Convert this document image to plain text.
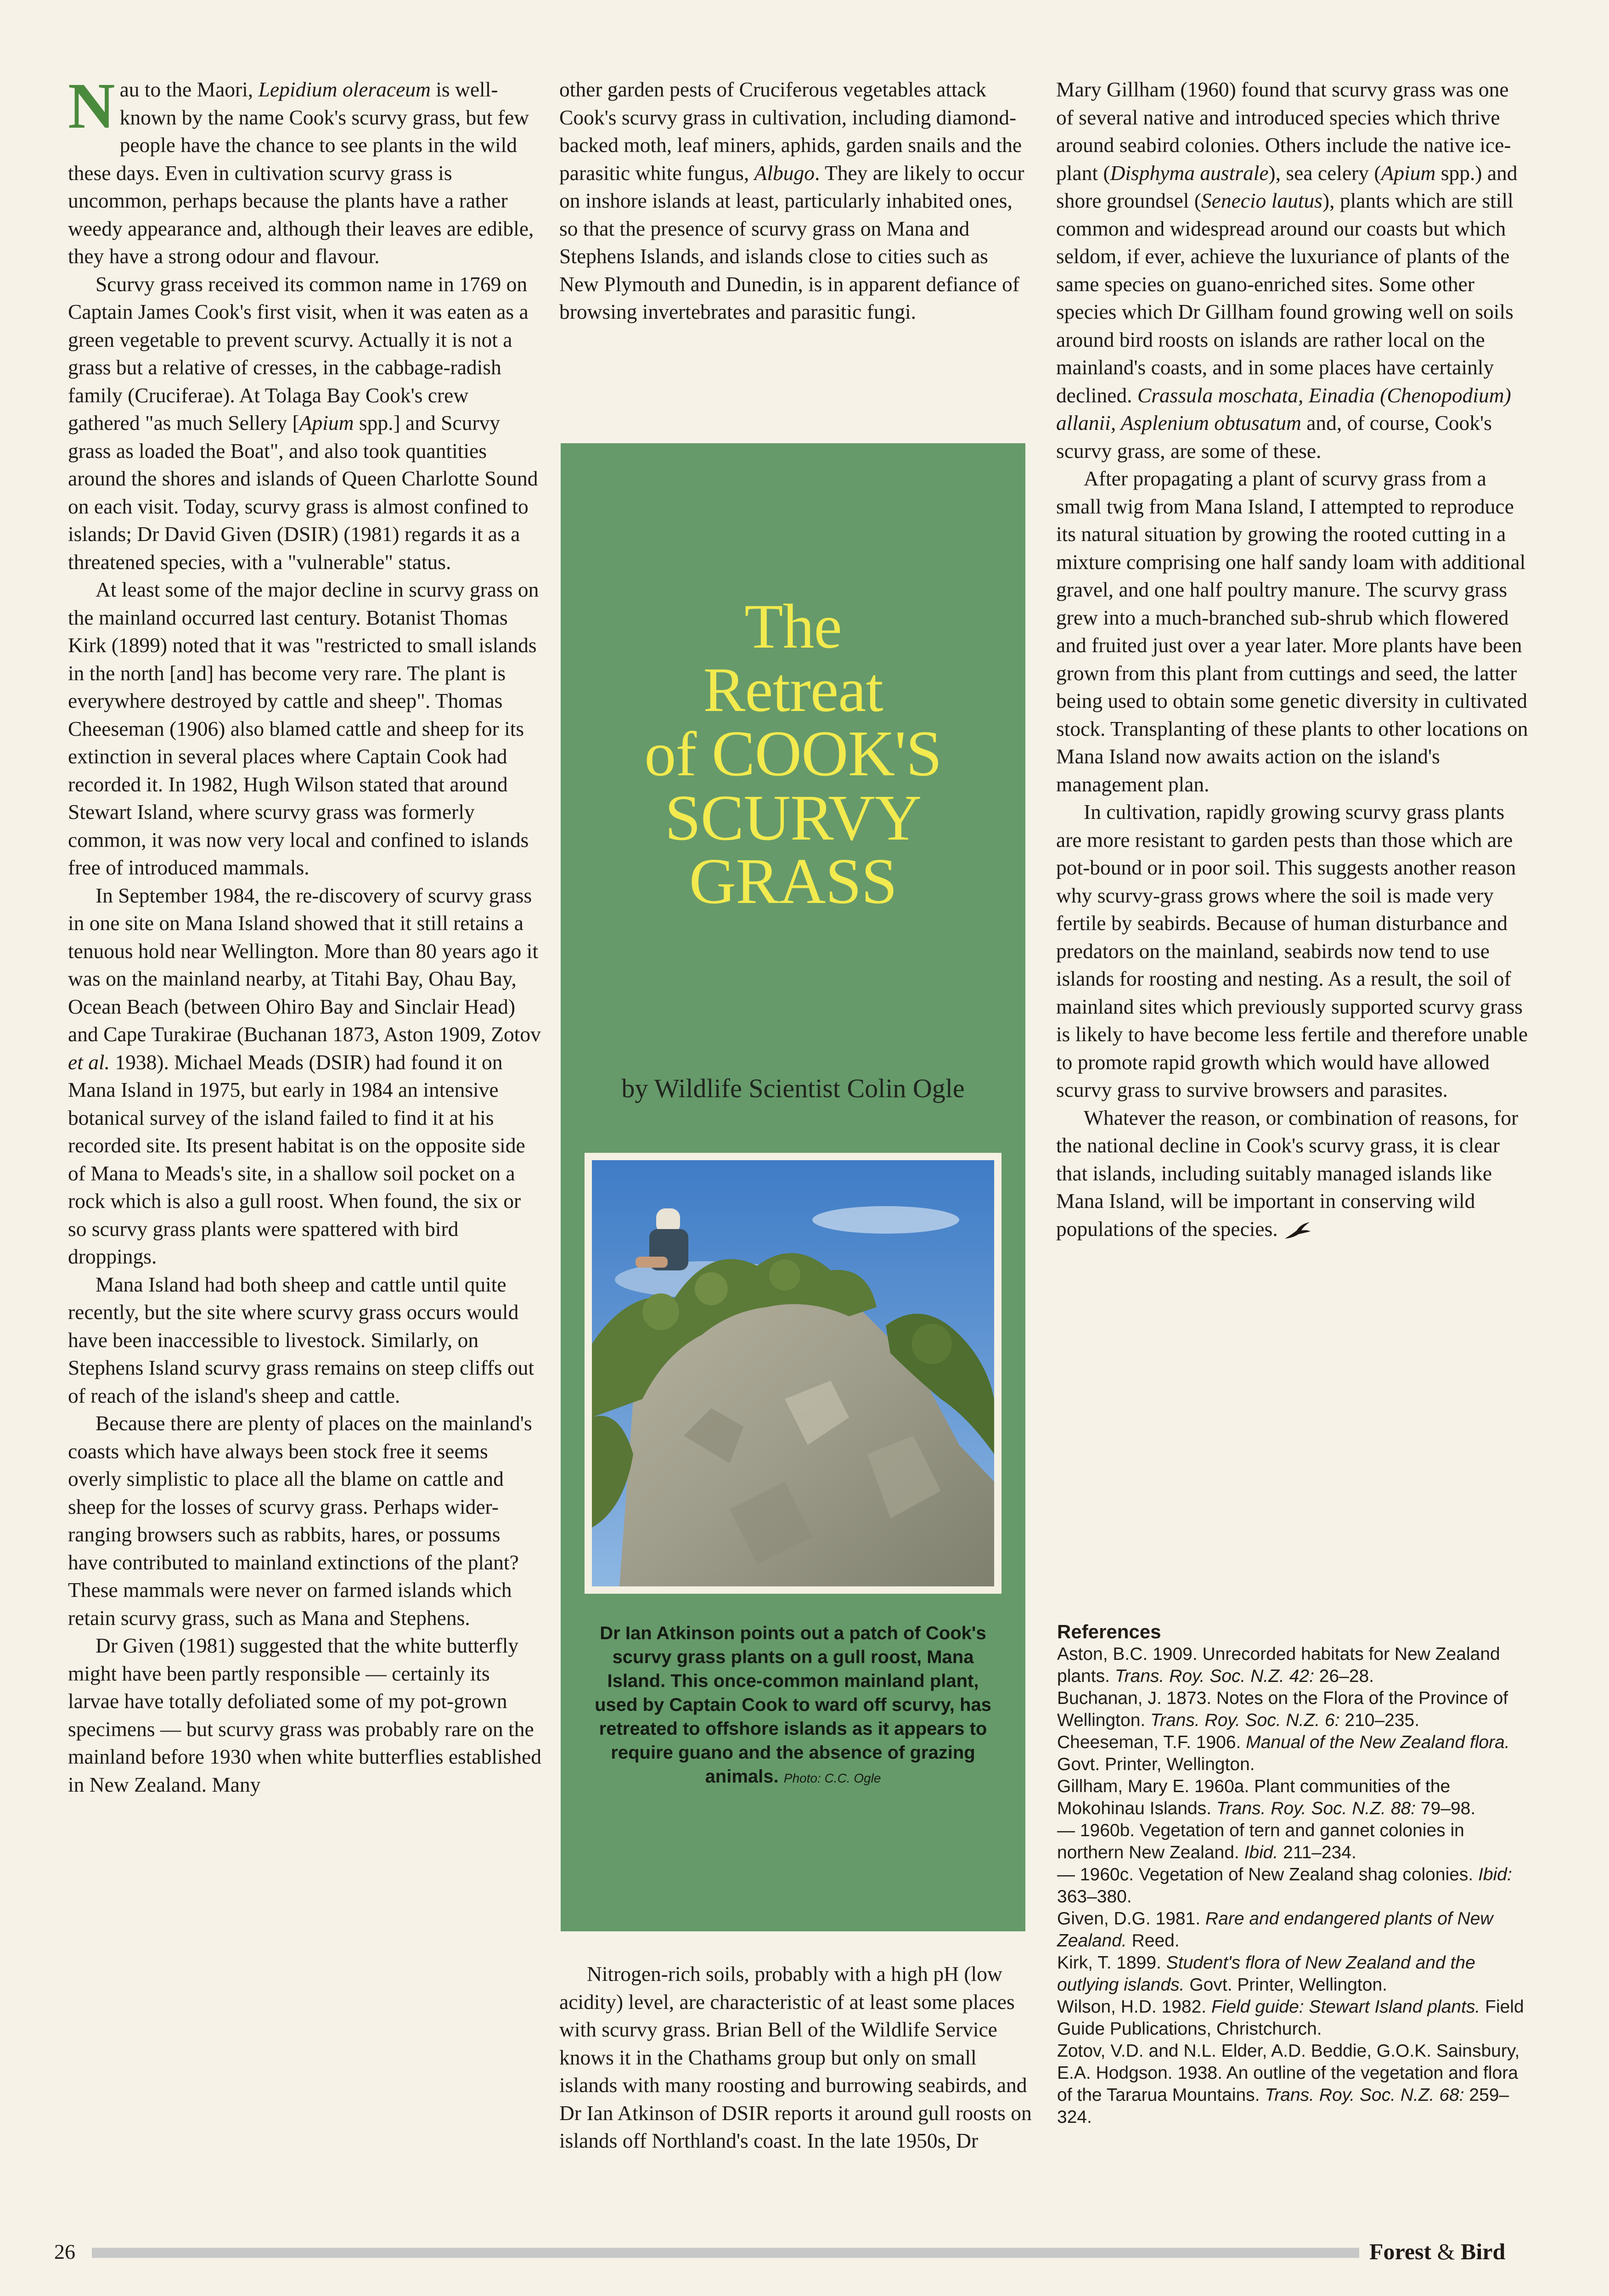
Nau to the Maori, Lepidium oleraceum is well-known by the name Cook's scurvy grass, but few people have the chance to see plants in the wild these days. Even in cultivation scurvy grass is uncommon, perhaps because the plants have a rather weedy appearance and, although their leaves are edible, they have a strong odour and flavour.

Scurvy grass received its common name in 1769 on Captain James Cook's first visit, when it was eaten as a green vegetable to prevent scurvy. Actually it is not a grass but a relative of cresses, in the cabbage-radish family (Cruciferae). At Tolaga Bay Cook's crew gathered "as much Sellery [Apium spp.] and Scurvy grass as loaded the Boat", and also took quantities around the shores and islands of Queen Charlotte Sound on each visit. Today, scurvy grass is almost confined to islands; Dr David Given (DSIR) (1981) regards it as a threatened species, with a "vulnerable" status.

At least some of the major decline in scurvy grass on the mainland occurred last century. Botanist Thomas Kirk (1899) noted that it was "restricted to small islands in the north [and] has become very rare. The plant is everywhere destroyed by cattle and sheep". Thomas Cheeseman (1906) also blamed cattle and sheep for its extinction in several places where Captain Cook had recorded it. In 1982, Hugh Wilson stated that around Stewart Island, where scurvy grass was formerly common, it was now very local and confined to islands free of introduced mammals.

In September 1984, the re-discovery of scurvy grass in one site on Mana Island showed that it still retains a tenuous hold near Wellington. More than 80 years ago it was on the mainland nearby, at Titahi Bay, Ohau Bay, Ocean Beach (between Ohiro Bay and Sinclair Head) and Cape Turakirae (Buchanan 1873, Aston 1909, Zotov et al. 1938). Michael Meads (DSIR) had found it on Mana Island in 1975, but early in 1984 an intensive botanical survey of the island failed to find it at his recorded site. Its present habitat is on the opposite side of Mana to Meads's site, in a shallow soil pocket on a rock which is also a gull roost. When found, the six or so scurvy grass plants were spattered with bird droppings.

Mana Island had both sheep and cattle until quite recently, but the site where scurvy grass occurs would have been inaccessible to livestock. Similarly, on Stephens Island scurvy grass remains on steep cliffs out of reach of the island's sheep and cattle.

Because there are plenty of places on the mainland's coasts which have always been stock free it seems overly simplistic to place all the blame on cattle and sheep for the losses of scurvy grass. Perhaps wider-ranging browsers such as rabbits, hares, or possums have contributed to mainland extinctions of the plant? These mammals were never on farmed islands which retain scurvy grass, such as Mana and Stephens.

Dr Given (1981) suggested that the white butterfly might have been partly responsible — certainly its larvae have totally defoliated some of my pot-grown specimens — but scurvy grass was probably rare on the mainland before 1930 when white butterflies established in New Zealand. Many

other garden pests of Cruciferous vegetables attack Cook's scurvy grass in cultivation, including diamond-backed moth, leaf miners, aphids, garden snails and the parasitic white fungus, Albugo. They are likely to occur on inshore islands at least, particularly inhabited ones, so that the presence of scurvy grass on Mana and Stephens Islands, and islands close to cities such as New Plymouth and Dunedin, is in apparent defiance of browsing invertebrates and parasitic fungi.

The
Retreat
of COOK'S
SCURVY
GRASS
by Wildlife Scientist Colin Ogle
Dr Ian Atkinson points out a patch of Cook's scurvy grass plants on a gull roost, Mana Island. This once-common mainland plant, used by Captain Cook to ward off scurvy, has retreated to offshore islands as it appears to require guano and the absence of grazing animals. Photo: C.C. Ogle

Nitrogen-rich soils, probably with a high pH (low acidity) level, are characteristic of at least some places with scurvy grass. Brian Bell of the Wildlife Service knows it in the Chathams group but only on small islands with many roosting and burrowing seabirds, and Dr Ian Atkinson of DSIR reports it around gull roosts on islands off Northland's coast. In the late 1950s, Dr

Mary Gillham (1960) found that scurvy grass was one of several native and introduced species which thrive around seabird colonies. Others include the native ice-plant (Disphyma australe), sea celery (Apium spp.) and shore groundsel (Senecio lautus), plants which are still common and widespread around our coasts but which seldom, if ever, achieve the luxuriance of plants of the same species on guano-enriched sites. Some other species which Dr Gillham found growing well on soils around bird roosts on islands are rather local on the mainland's coasts, and in some places have certainly declined. Crassula moschata, Einadia (Chenopodium) allanii, Asplenium obtusatum and, of course, Cook's scurvy grass, are some of these.

After propagating a plant of scurvy grass from a small twig from Mana Island, I attempted to reproduce its natural situation by growing the rooted cutting in a mixture comprising one half sandy loam with additional gravel, and one half poultry manure. The scurvy grass grew into a much-branched sub-shrub which flowered and fruited just over a year later. More plants have been grown from this plant from cuttings and seed, the latter being used to obtain some genetic diversity in cultivated stock. Transplanting of these plants to other locations on Mana Island now awaits action on the island's management plan.

In cultivation, rapidly growing scurvy grass plants are more resistant to garden pests than those which are pot-bound or in poor soil. This suggests another reason why scurvy-grass grows where the soil is made very fertile by seabirds. Because of human disturbance and predators on the mainland, seabirds now tend to use islands for roosting and nesting. As a result, the soil of mainland sites which previously supported scurvy grass is likely to have become less fertile and therefore unable to promote rapid growth which would have allowed scurvy grass to survive browsers and parasites.

Whatever the reason, or combination of reasons, for the national decline in Cook's scurvy grass, it is clear that islands, including suitably managed islands like Mana Island, will be important in conserving wild populations of the species.

References

Aston, B.C. 1909. Unrecorded habitats for New Zealand plants. Trans. Roy. Soc. N.Z. 42: 26–28.

Buchanan, J. 1873. Notes on the Flora of the Province of Wellington. Trans. Roy. Soc. N.Z. 6: 210–235.

Cheeseman, T.F. 1906. Manual of the New Zealand flora. Govt. Printer, Wellington.

Gillham, Mary E. 1960a. Plant communities of the Mokohinau Islands. Trans. Roy. Soc. N.Z. 88: 79–98.

— 1960b. Vegetation of tern and gannet colonies in northern New Zealand. Ibid. 211–234.

— 1960c. Vegetation of New Zealand shag colonies. Ibid: 363–380.

Given, D.G. 1981. Rare and endangered plants of New Zealand. Reed.

Kirk, T. 1899. Student's flora of New Zealand and the outlying islands. Govt. Printer, Wellington.

Wilson, H.D. 1982. Field guide: Stewart Island plants. Field Guide Publications, Christchurch.

Zotov, V.D. and N.L. Elder, A.D. Beddie, G.O.K. Sainsbury, E.A. Hodgson. 1938. An outline of the vegetation and flora of the Tararua Mountains. Trans. Roy. Soc. N.Z. 68: 259–324.

26	Forest & Bird
